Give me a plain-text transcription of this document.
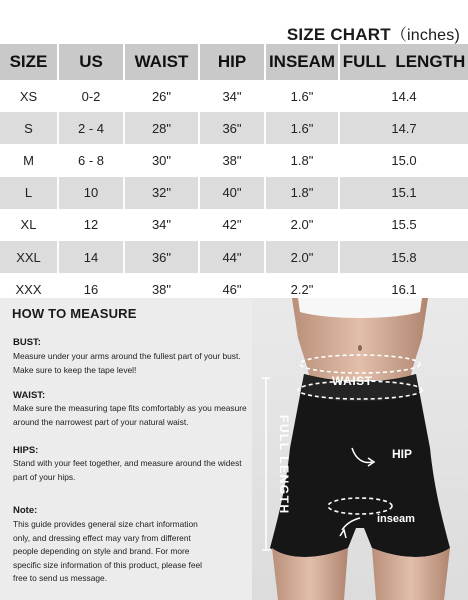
SIZE CHART（inches)
SIZE	US	WAIST	HIP	INSEAM	FULL  LENGTH
XS	0-2	26"	34"	1.6"	14.4
S	2 - 4	28"	36"	1.6"	14.7
M	6 - 8	30"	38"	1.8"	15.0
L	10	32"	40"	1.8"	15.1
XL	12	34"	42"	2.0"	15.5
XXL	14	36"	44"	2.0"	15.8
XXX	16	38"	46"	2.2"	16.1
HOW TO MEASURE
BUST:
Measure under your arms around the fullest part of your bust.
Make sure to keep the tape level!
WAIST:
Make sure the measuring tape fits comfortably as you measure
around the narrowest part of your natural waist.
HIPS:
Stand with your feet together, and measure around the widest
part of your hips.
Note:
This guide provides general size chart information
only, and dressing effect may vary from different
people depending on style and brand. For more
specific size information of this product, please feel
free to send us message.
WAIST
HIP
inseam
FULL LENGTH
